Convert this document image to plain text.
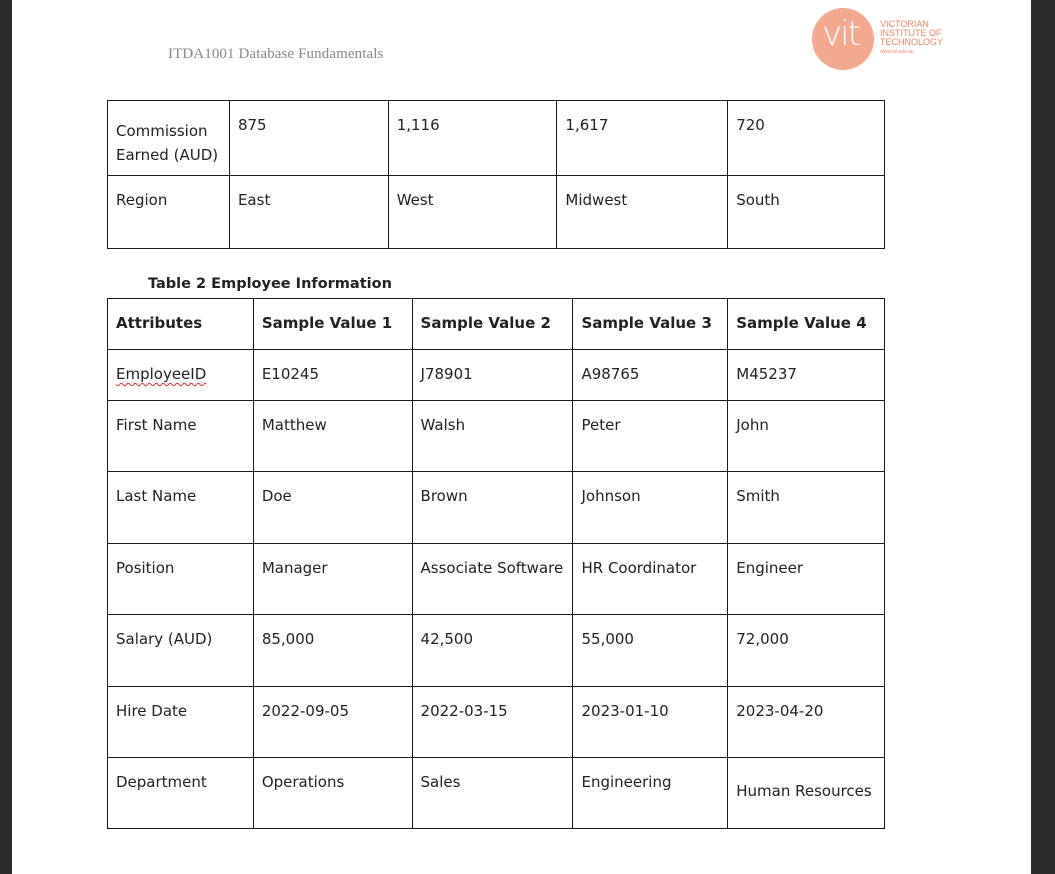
ITDA1001 Database Fundamentals	vit VICTORIAN
INSTITUTE OF
TECHNOLOGY
www.vit.edu.au
Commission Earned (AUD)	875	1,116	1,617	720
Region	East	West	Midwest	South
Table 2 Employee Information
Attributes	Sample Value 1	Sample Value 2	Sample Value 3	Sample Value 4
EmployeeID	E10245	J78901	A98765	M45237
First Name	Matthew	Walsh	Peter	John
Last Name	Doe	Brown	Johnson	Smith
Position	Manager	Associate Software	HR Coordinator	Engineer
Salary (AUD)	85,000	42,500	55,000	72,000
Hire Date	2022-09-05	2022-03-15	2023-01-10	2023-04-20
Department	Operations	Sales	Engineering	Human Resources
